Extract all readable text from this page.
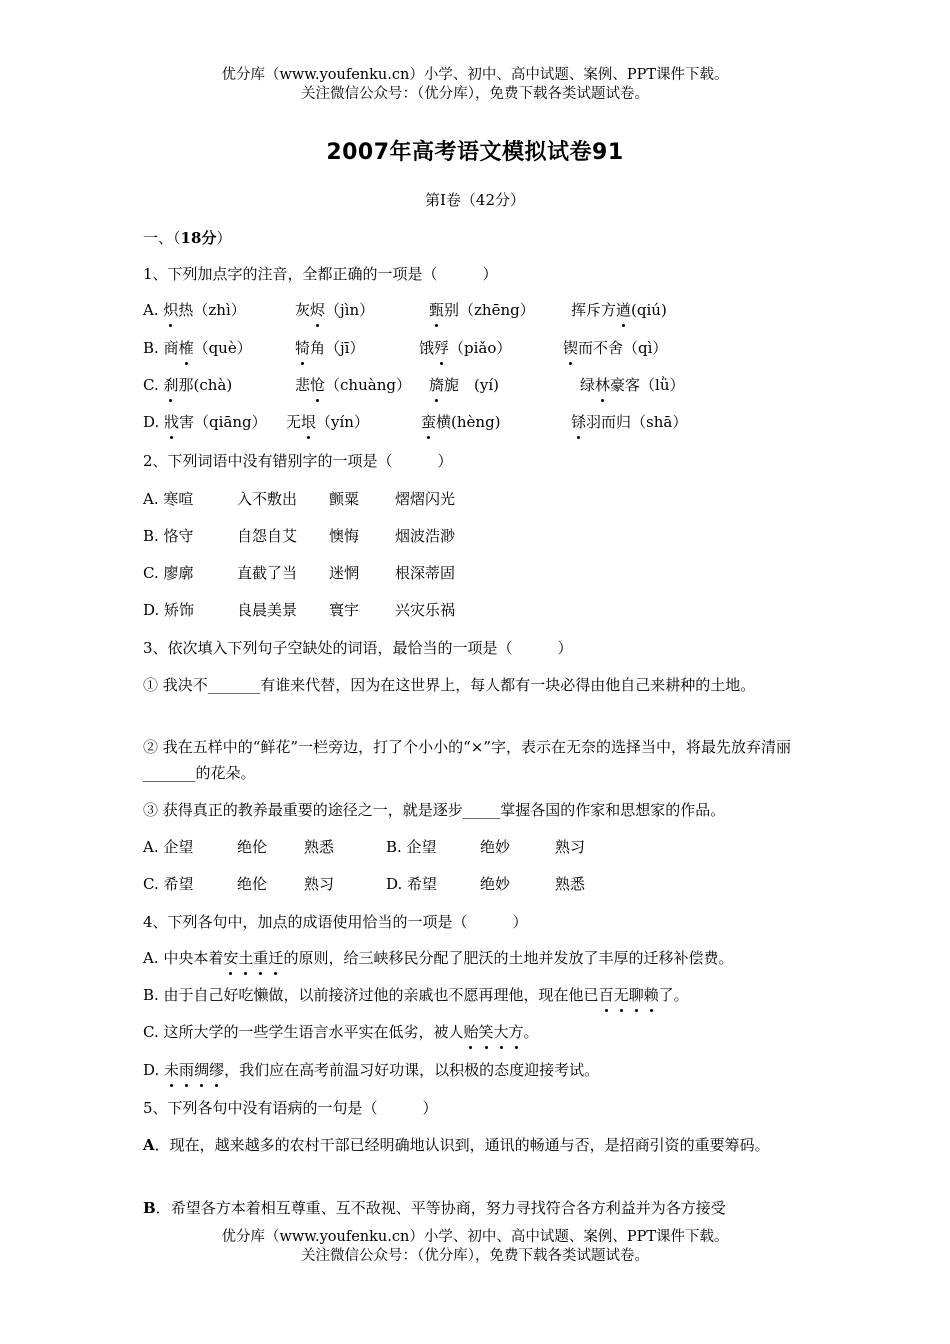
优分库（www.youfenku.cn）小学、初中、高中试题、案例、PPT课件下载。
关注微信公众号：（优分库），免费下载各类试题试卷。
2007年高考语文模拟试卷91
第Ⅰ卷（42分）
一、（18分）
1、下列加点字的注音，全都正确的一项是（　　　）
A. 炽热（zhì）	灰烬（jìn）	甄别（zhēng） 挥斥方遒(qiú)
B. 商榷（què）	犄角（jī）	饿殍（piǎo）	锲而不舍（qì）
C. 刹那(chà)	悲怆（chuàng） 旖旎　(yí)	绿林豪客（lǜ）
D. 戕害（qiāng） 无垠（yín）	蛮横(hèng)	铩羽而归（shā）
2、下列词语中没有错别字的一项是（　　　）
A. 寒喧	入不敷出 颤粟 熠熠闪光
B. 恪守	自怨自艾 懊悔 烟波浩渺
C. 廖廓	直截了当 迷惘 根深蒂固
D. 矫饰	良晨美景 寰宇 兴灾乐祸
3、依次填入下列句子空缺处的词语，最恰当的一项是（　　　）
① 我决不_______有谁来代替，因为在这世界上，每人都有一块必得由他自己来耕种的土地。
② 我在五样中的“鲜花”一栏旁边，打了个小小的“×”字，表示在无奈的选择当中，将最先放弃清丽_______的花朵。
③ 获得真正的教养最重要的途径之一，就是逐步_____掌握各国的作家和思想家的作品。
A. 企望	绝伦 熟悉	B. 企望	绝妙	熟习
C. 希望	绝伦 熟习	D. 希望	绝妙	熟悉
4、下列各句中，加点的成语使用恰当的一项是（　　　）
A. 中央本着安土重迁的原则，给三峡移民分配了肥沃的土地并发放了丰厚的迁移补偿费。
B. 由于自己好吃懒做，以前接济过他的亲戚也不愿再理他，现在他已百无聊赖了。
C. 这所大学的一些学生语言水平实在低劣，被人贻笑大方。
D. 未雨绸缪，我们应在高考前温习好功课，以积极的态度迎接考试。
5、下列各句中没有语病的一句是（　　　）
A．现在，越来越多的农村干部已经明确地认识到，通讯的畅通与否，是招商引资的重要筹码。
B．希望各方本着相互尊重、互不敌视、平等协商，努力寻找符合各方利益并为各方接受
优分库（www.youfenku.cn）小学、初中、高中试题、案例、PPT课件下载。
关注微信公众号：（优分库），免费下载各类试题试卷。
